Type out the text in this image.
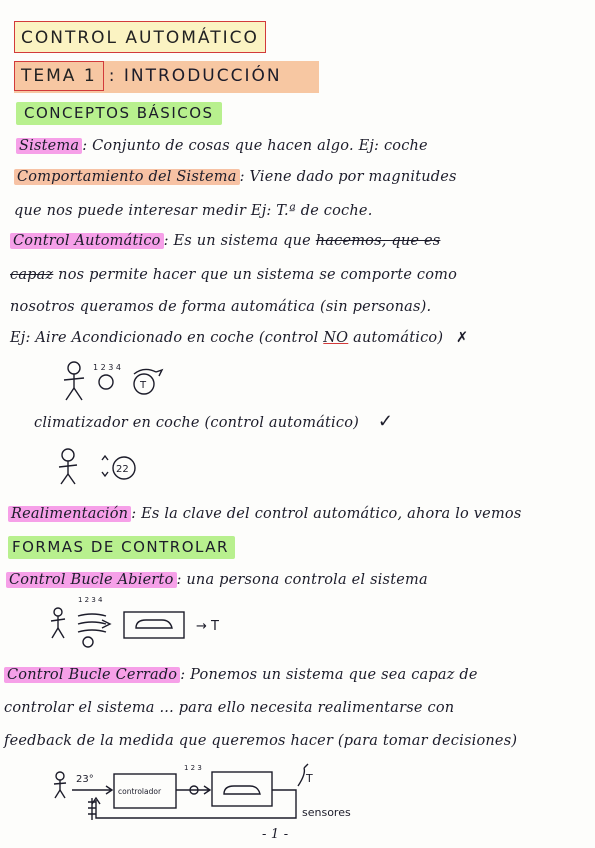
CONTROL AUTOMÁTICO
TEMA 1 : INTRODUCCIÓN
CONCEPTOS BÁSICOS
Sistema : Conjunto de cosas que hacen algo. Ej: coche
Comportamiento del Sistema : Viene dado por magnitudes
que nos puede interesar medir Ej: T.ª de coche.
Control Automático : Es un sistema que hacemos, que es
capaz nos permite hacer que un sistema se comporte como
nosotros queramos de forma automática (sin personas).
Ej: Aire Acondicionado en coche (control NO automático) ✗
1 2 3 4
T
climatizador en coche (control automático) ✓
22
Realimentación : Es la clave del control automático, ahora lo vemos
FORMAS DE CONTROLAR
Control Bucle Abierto : una persona controla el sistema
1 2 3 4
→ T
Control Bucle Cerrado : Ponemos un sistema que sea capaz de
controlar el sistema ... para ello necesita realimentarse con
feedback de la medida que queremos hacer (para tomar decisiones)
23°
controlador
1 2 3
T
sensores
- 1 -
